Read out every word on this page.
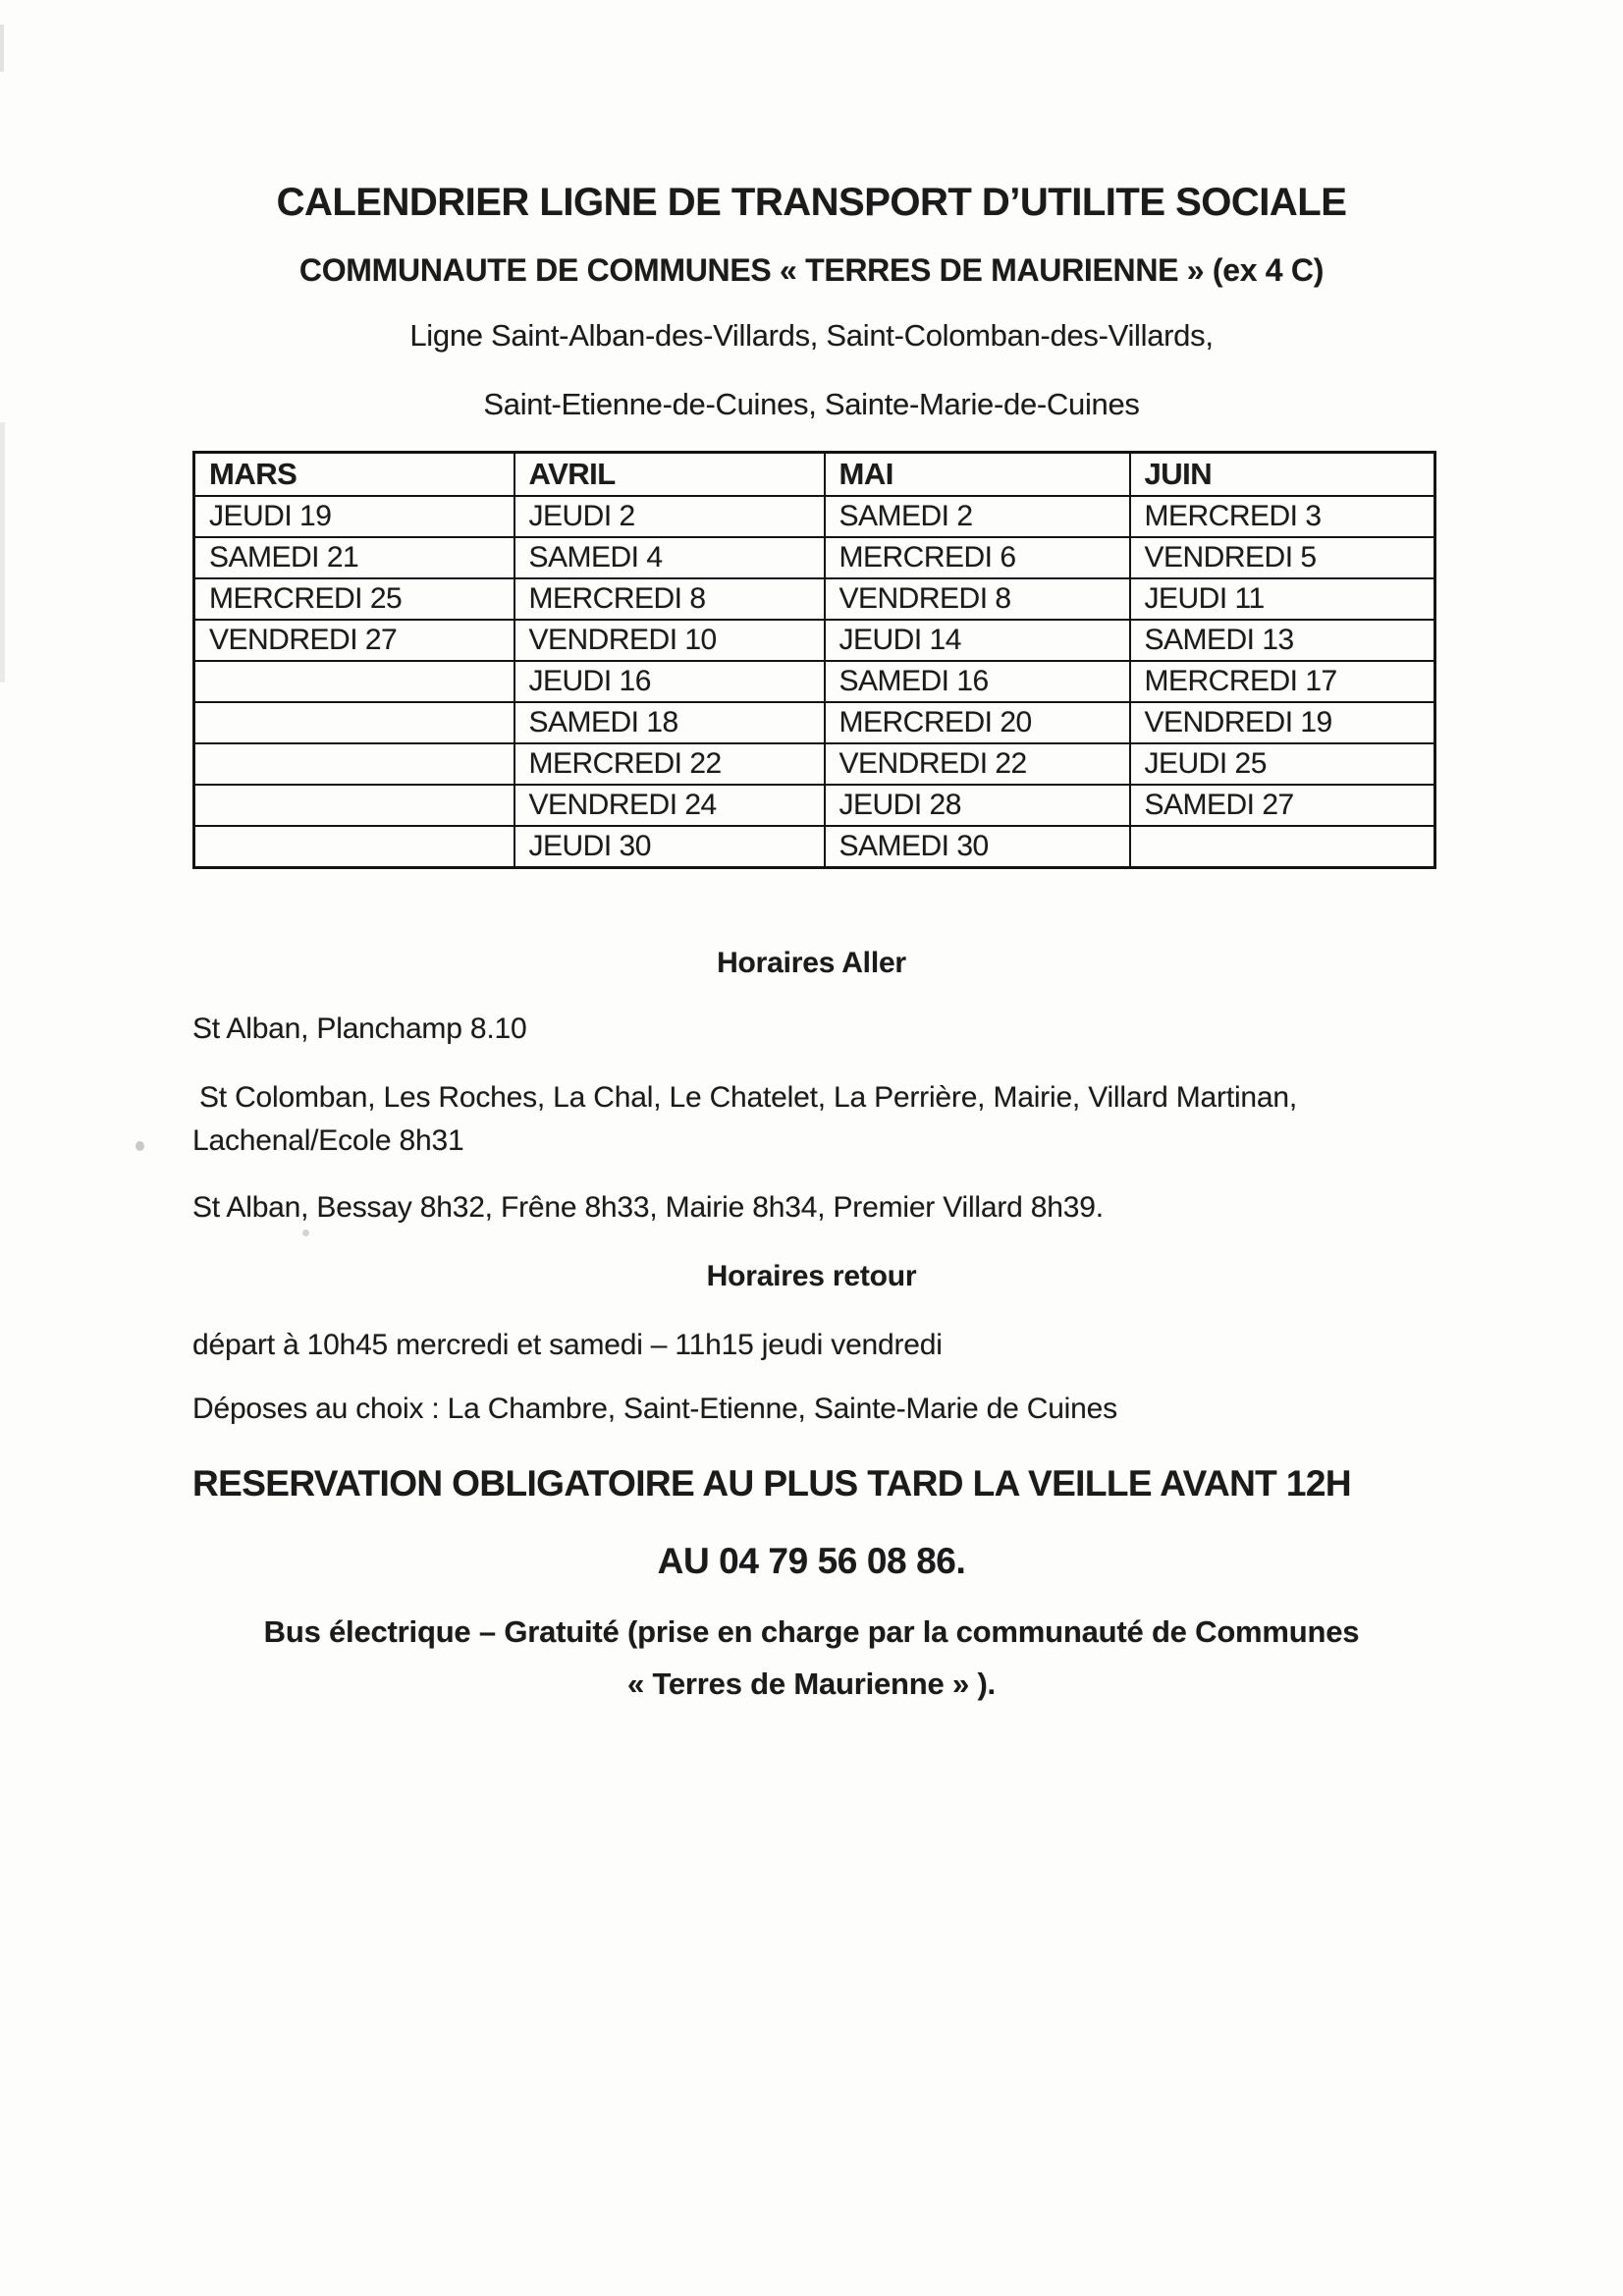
CALENDRIER LIGNE DE TRANSPORT D’UTILITE SOCIALE
COMMUNAUTE DE COMMUNES « TERRES DE MAURIENNE » (ex 4 C)
Ligne Saint-Alban-des-Villards, Saint-Colomban-des-Villards,
Saint-Etienne-de-Cuines, Sainte-Marie-de-Cuines
MARS	AVRIL	MAI	JUIN
JEUDI 19	JEUDI 2	SAMEDI 2	MERCREDI 3
SAMEDI 21	SAMEDI 4	MERCREDI 6	VENDREDI 5
MERCREDI 25	MERCREDI 8	VENDREDI 8	JEUDI 11
VENDREDI 27	VENDREDI 10	JEUDI 14	SAMEDI 13
	JEUDI 16	SAMEDI 16	MERCREDI 17
	SAMEDI 18	MERCREDI 20	VENDREDI 19
	MERCREDI 22	VENDREDI 22	JEUDI 25
	VENDREDI 24	JEUDI 28	SAMEDI 27
	JEUDI 30	SAMEDI 30	
Horaires Aller
St Alban, Planchamp 8.10
St Colomban, Les Roches, La Chal, Le Chatelet, La Perrière, Mairie, Villard Martinan,
Lachenal/Ecole 8h31
St Alban, Bessay 8h32, Frêne 8h33, Mairie 8h34, Premier Villard 8h39.
Horaires retour
départ à 10h45 mercredi et samedi – 11h15 jeudi vendredi
Déposes au choix : La Chambre, Saint-Etienne, Sainte-Marie de Cuines
RESERVATION OBLIGATOIRE AU PLUS TARD LA VEILLE AVANT 12H
AU 04 79 56 08 86.
Bus électrique – Gratuité (prise en charge par la communauté de Communes
« Terres de Maurienne » ).
